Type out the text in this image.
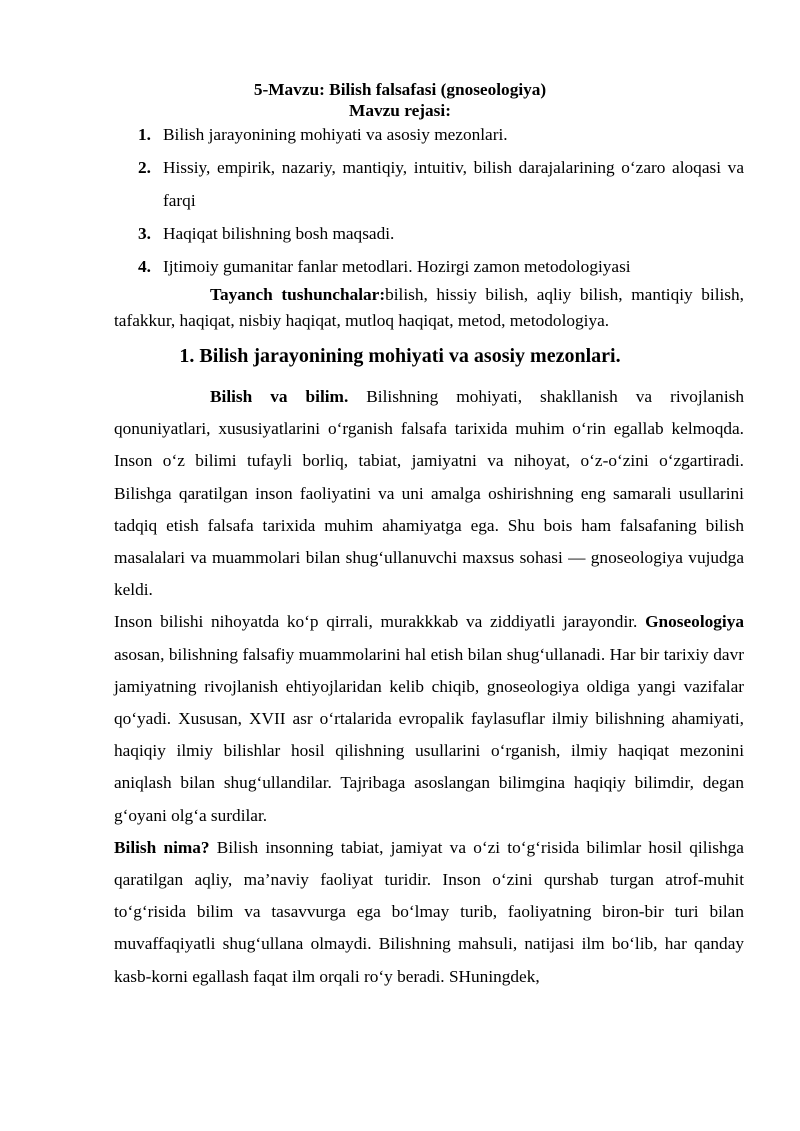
5-Mavzu: Bilish falsafasi (gnoseologiya)
Mavzu rejasi:
1. Bilish jarayonining mohiyati va asosiy mezonlari.
2. Hissiy, empirik, nazariy, mantiqiy, intuitiv, bilish darajalarining o‘zaro aloqasi va farqi
3. Haqiqat bilishning bosh maqsadi.
4. Ijtimoiy gumanitar fanlar metodlari. Hozirgi zamon metodologiyasi
Tayanch tushunchalar:bilish, hissiy bilish, aqliy bilish, mantiqiy bilish, tafakkur, haqiqat, nisbiy haqiqat, mutloq haqiqat, metod, metodologiya.
1. Bilish jarayonining mohiyati va asosiy mezonlari.

Bilish va bilim. Bilishning mohiyati, shakllanish va rivojlanish qonuniyatlari, xususiyatlarini o‘rganish falsafa tarixida muhim o‘rin egallab kelmoqda. Inson o‘z bilimi tufayli borliq, tabiat, jamiyatni va nihoyat, o‘z-o‘zini o‘zgartiradi. Bilishga qaratilgan inson faoliyatini va uni amalga oshirishning eng samarali usullarini tadqiq etish falsafa tarixida muhim ahamiyatga ega. Shu bois ham falsafaning bilish masalalari va muammolari bilan shug‘ullanuvchi maxsus sohasi — gnoseologiya vujudga keldi.

Inson bilishi nihoyatda ko‘p qirrali, murakkkab va ziddiyatli jarayondir. Gnoseologiya asosan, bilishning falsafiy muammolarini hal etish bilan shug‘ullanadi. Har bir tarixiy davr jamiyatning rivojlanish ehtiyojlaridan kelib chiqib, gnoseologiya oldiga yangi vazifalar qo‘yadi. Xususan, XVII asr o‘rtalarida evropalik faylasuflar ilmiy bilishning ahamiyati, haqiqiy ilmiy bilishlar hosil qilishning usullarini o‘rganish, ilmiy haqiqat mezonini aniqlash bilan shug‘ullandilar. Tajribaga asoslangan bilimgina haqiqiy bilimdir, degan g‘oyani olg‘a surdilar.

Bilish nima? Bilish insonning tabiat, jamiyat va o‘zi to‘g‘risida bilimlar hosil qilishga qaratilgan aqliy, ma’naviy faoliyat turidir. Inson o‘zini qurshab turgan atrof-muhit to‘g‘risida bilim va tasavvurga ega bo‘lmay turib, faoliyatning biron-bir turi bilan muvaffaqiyatli shug‘ullana olmaydi. Bilishning mahsuli, natijasi ilm bo‘lib, har qanday kasb-korni egallash faqat ilm orqali ro‘y beradi. SHuningdek,
